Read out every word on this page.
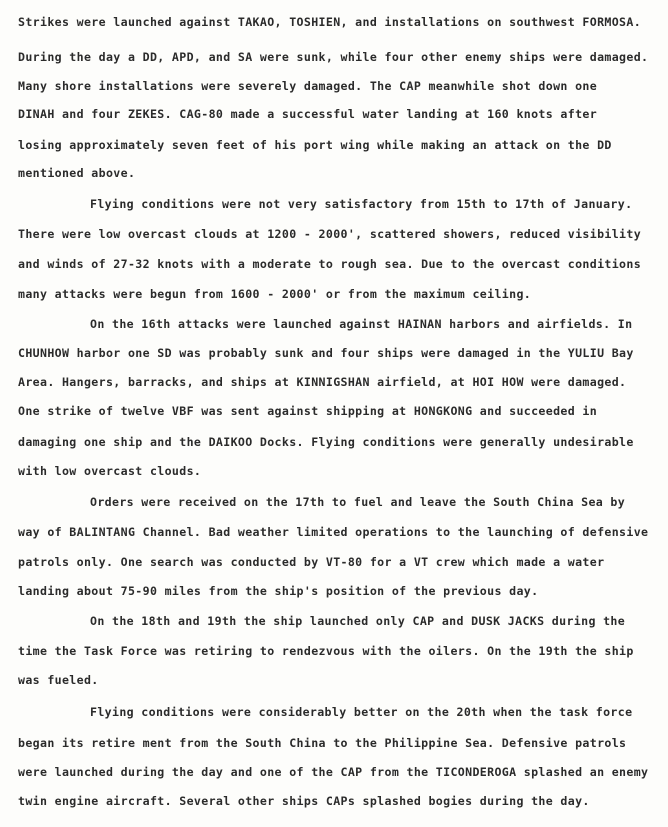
Strikes were launched against TAKAO, TOSHIEN, and installations on southwest FORMOSA.
During the day a DD, APD, and SA were sunk, while four other enemy ships were damaged.
Many shore installations were severely damaged. The CAP meanwhile shot down one
DINAH and four ZEKES. CAG-80 made a successful water landing at 160 knots after
losing approximately seven feet of his port wing while making an attack on the DD
mentioned above.
Flying conditions were not very satisfactory from 15th to 17th of January.
There were low overcast clouds at 1200 - 2000', scattered showers, reduced visibility
and winds of 27-32 knots with a moderate to rough sea. Due to the overcast conditions
many attacks were begun from 1600 - 2000' or from the maximum ceiling.
On the 16th attacks were launched against HAINAN harbors and airfields. In
CHUNHOW harbor one SD was probably sunk and four ships were damaged in the YULIU Bay
Area. Hangers, barracks, and ships at KINNIGSHAN airfield, at HOI HOW were damaged.
One strike of twelve VBF was sent against shipping at HONGKONG and succeeded in
damaging one ship and the DAIKOO Docks. Flying conditions were generally undesirable
with low overcast clouds.
Orders were received on the 17th to fuel and leave the South China Sea by
way of BALINTANG Channel. Bad weather limited operations to the launching of defensive
patrols only. One search was conducted by VT-80 for a VT crew which made a water
landing about 75-90 miles from the ship's position of the previous day.
On the 18th and 19th the ship launched only CAP and DUSK JACKS during the
time the Task Force was retiring to rendezvous with the oilers. On the 19th the ship
was fueled.
Flying conditions were considerably better on the 20th when the task force
began its retire ment from the South China to the Philippine Sea. Defensive patrols
were launched during the day and one of the CAP from the TICONDEROGA splashed an enemy
twin engine aircraft. Several other ships CAPs splashed bogies during the day.
